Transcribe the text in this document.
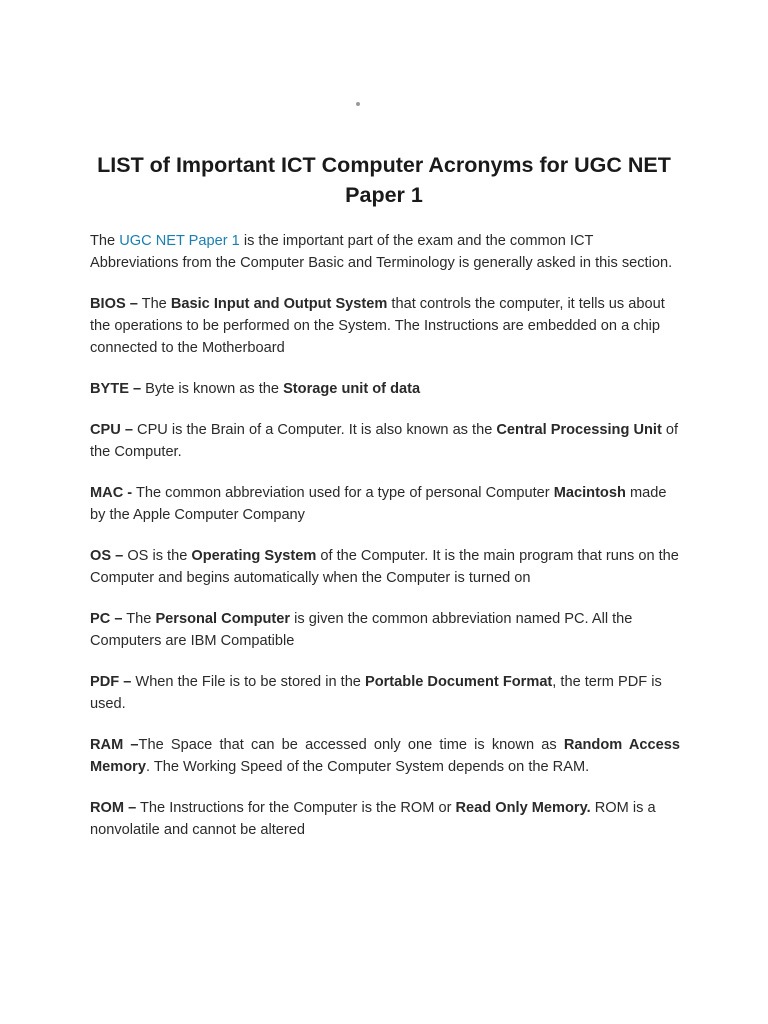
LIST of Important ICT Computer Acronyms for UGC NET Paper 1

The UGC NET Paper 1 is the important part of the exam and the common ICT Abbreviations from the Computer Basic and Terminology is generally asked in this section.

BIOS – The Basic Input and Output System that controls the computer, it tells us about the operations to be performed on the System. The Instructions are embedded on a chip connected to the Motherboard

BYTE – Byte is known as the Storage unit of data

CPU – CPU is the Brain of a Computer. It is also known as the Central Processing Unit of the Computer.

MAC - The common abbreviation used for a type of personal Computer Macintosh made by the Apple Computer Company

OS – OS is the Operating System of the Computer. It is the main program that runs on the Computer and begins automatically when the Computer is turned on

PC – The Personal Computer is given the common abbreviation named PC. All the Computers are IBM Compatible

PDF – When the File is to be stored in the Portable Document Format, the term PDF is used.

RAM –The Space that can be accessed only one time is known as Random Access Memory. The Working Speed of the Computer System depends on the RAM.

ROM – The Instructions for the Computer is the ROM or Read Only Memory. ROM is a nonvolatile and cannot be altered
